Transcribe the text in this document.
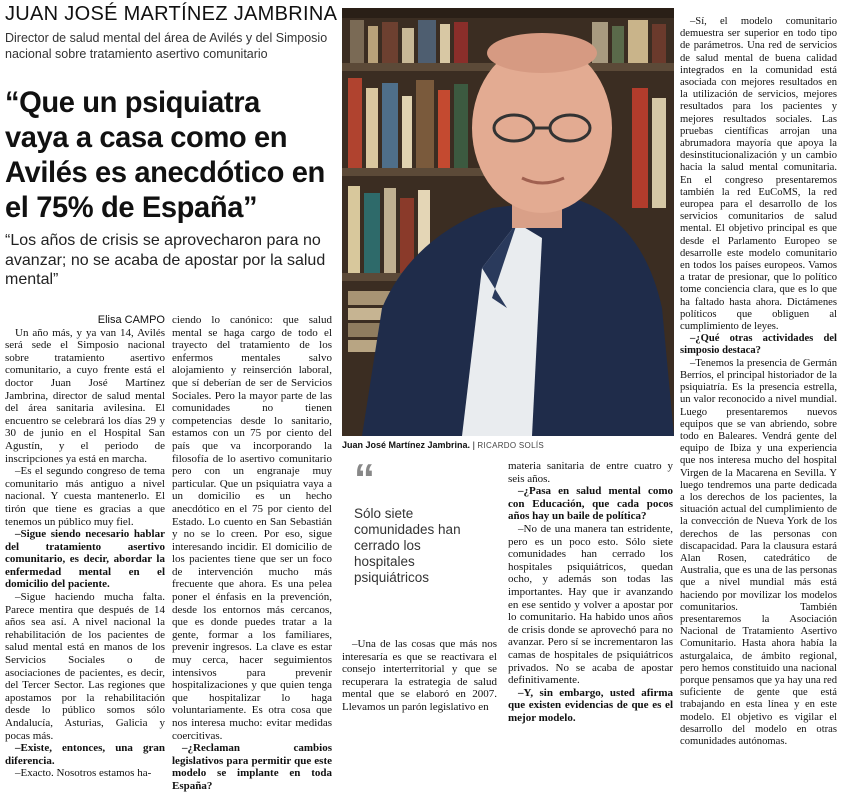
JUAN JOSÉ MARTÍNEZ JAMBRINA
Director de salud mental del área de Avilés y del Simposio nacional sobre tratamiento asertivo comunitario
“Que un psiquiatra vaya a casa como en Avilés es anecdótico en el 75% de España”
“Los años de crisis se aprovecharon para no avanzar; no se acaba de apostar por la salud mental”
Juan José Martínez Jambrina. | RICARDO SOLÍS
“
Sólo siete comunidades han cerrado los hospitales psiquiátricos

Elisa CAMPO

Un año más, y ya van 14, Avilés será sede el Simposio nacional sobre tratamiento asertivo comunitario, a cuyo frente está el doctor Juan José Martínez Jambrina, director de salud mental del área sanitaria avilesina. El encuentro se celebrará los días 29 y 30 de junio en el Hospital San Agustín, y el periodo de inscripciones ya está en marcha.

–Es el segundo congreso de tema comunitario más antiguo a nivel nacional. Y cuesta mantenerlo. El tirón que tiene es gracias a que tenemos un público muy fiel.

–Sigue siendo necesario hablar del tratamiento asertivo comunitario, es decir, abordar la enfermedad mental en el domicilio del paciente.

–Sigue haciendo mucha falta. Parece mentira que después de 14 años sea así. A nivel nacional la rehabilitación de los pacientes de salud mental está en manos de los Servicios Sociales o de asociaciones de pacientes, es decir, del Tercer Sector. Las regiones que apostamos por la rehabilitación desde lo público somos sólo Andalucía, Asturias, Galicia y pocas más.

–Existe, entonces, una gran diferencia.

–Exacto. Nosotros estamos ha-

ciendo lo canónico: que salud mental se haga cargo de todo el trayecto del tratamiento de los enfermos mentales salvo alojamiento y reinserción laboral, que sí deberían de ser de Servicios Sociales. Pero la mayor parte de las comunidades no tienen competencias desde lo sanitario, estamos con un 75 por ciento del país que va incorporando la filosofía de lo asertivo comunitario pero con un engranaje muy particular. Que un psiquiatra vaya a un domicilio es un hecho anecdótico en el 75 por ciento del Estado. Lo cuento en San Sebastián y no se lo creen. Por eso, sigue interesando incidir. El domicilio de los pacientes tiene que ser un foco de intervención mucho más frecuente que ahora. Es una pelea poner el énfasis en la prevención, desde los entornos más cercanos, que es donde puedes tratar a la gente, formar a los familiares, prevenir ingresos. La clave es estar muy cerca, hacer seguimientos intensivos para prevenir hospitalizaciones y que quien tenga que hospitalizar lo haga voluntariamente. Es otra cosa que nos interesa mucho: evitar medidas coercitivas.

–¿Reclaman cambios legislativos para permitir que este modelo se implante en toda España?

–Una de las cosas que más nos interesaría es que se reactivara el consejo interterritorial y que se recuperara la estrategia de salud mental que se elaboró en 2007. Llevamos un parón legislativo en

materia sanitaria de entre cuatro y seis años.

–¿Pasa en salud mental como con Educación, que cada pocos años hay un baile de política?

–No de una manera tan estridente, pero es un poco esto. Sólo siete comunidades han cerrado los hospitales psiquiátricos, quedan ocho, y además son todas las importantes. Hay que ir avanzando en ese sentido y volver a apostar por lo comunitario. Ha habido unos años de crisis donde se aprovechó para no avanzar. Pero sí se incrementaron las camas de hospitales de psiquiátricos privados. No se acaba de apostar definitivamente.

–Y, sin embargo, usted afirma que existen evidencias de que es el mejor modelo.

–Sí, el modelo comunitario demuestra ser superior en todo tipo de parámetros. Una red de servicios de salud mental de buena calidad integrados en la comunidad está asociada con mejores resultados en la utilización de servicios, mejores resultados para los pacientes y mejores resultados sociales. Las pruebas científicas arrojan una abrumadora mayoría que apoya la desinstitucionalización y un cambio hacia la salud mental comunitaria. En el congreso presentaremos también la red EuCoMS, la red europea para el desarrollo de los servicios comunitarios de salud mental. El objetivo principal es que desde el Parlamento Europeo se desarrolle este modelo comunitario en todos los países europeos. Vamos a tratar de presionar, que lo político tome conciencia clara, que es lo que ha faltado hasta ahora. Dictámenes políticos que obliguen al cumplimiento de leyes.

–¿Qué otras actividades del simposio destaca?

–Tenemos la presencia de Germán Berríos, el principal historiador de la psiquiatría. Es la presencia estrella, un valor reconocido a nivel mundial. Luego presentaremos nuevos equipos que se van abriendo, sobre todo en Baleares. Vendrá gente del equipo de Ibiza y una experiencia que nos interesa mucho del hospital Virgen de la Macarena en Sevilla. Y luego tendremos una parte dedicada a los derechos de los pacientes, la situación actual del cumplimiento de la convección de Nueva York de los derechos de las personas con discapacidad. Para la clausura estará Alan Rosen, catedrático de Australia, que es una de las personas que a nivel mundial más está haciendo por movilizar los modelos comunitarios. También presentaremos la Asociación Nacional de Tratamiento Asertivo Comunitario. Hasta ahora había la asturgalaica, de ámbito regional, pero hemos constituido una nacional porque pensamos que ya hay una red suficiente de gente que está trabajando en esta línea y en este modelo. El objetivo es vigilar el desarrollo del modelo en otras comunidades autónomas.
